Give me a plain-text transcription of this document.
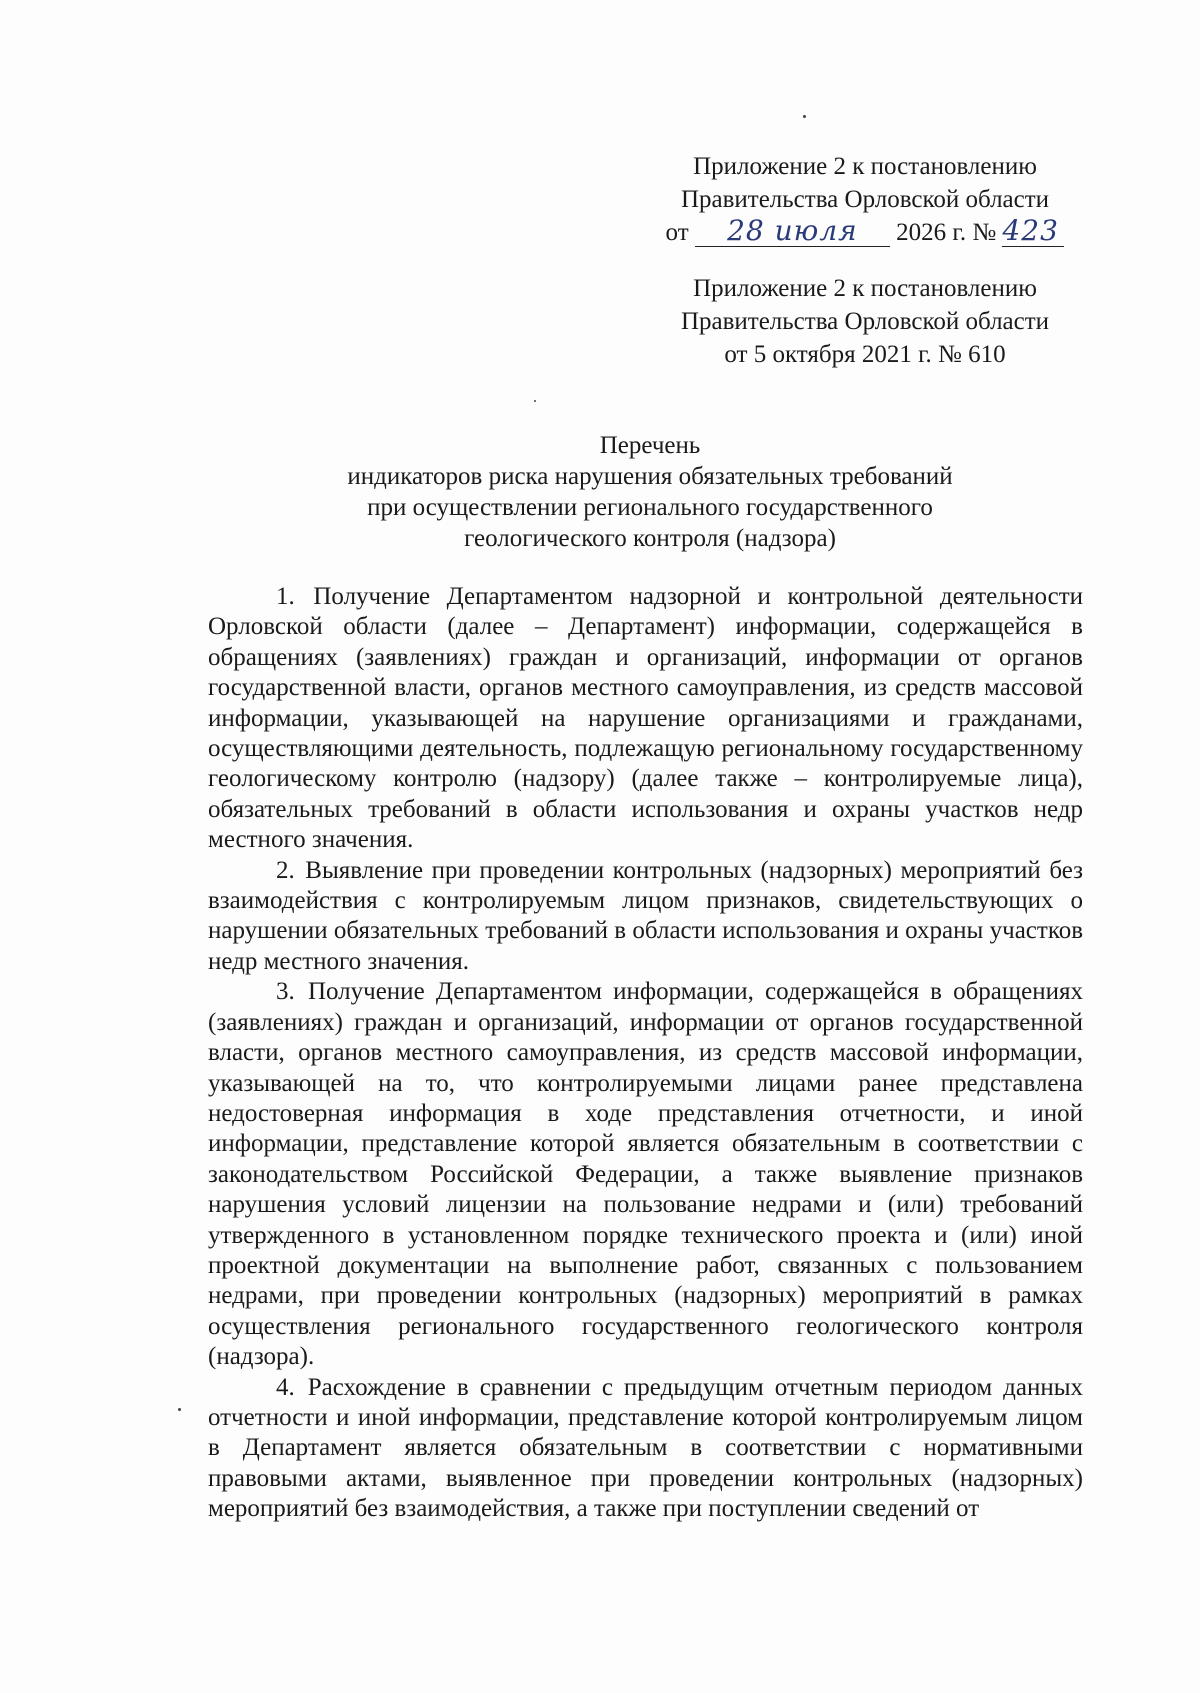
Приложение 2 к постановлению
Правительства Орловской области
от 28 июля 2026 г. № 423
Приложение 2 к постановлению
Правительства Орловской области
от 5 октября 2021 г. № 610
Перечень
индикаторов риска нарушения обязательных требований
при осуществлении регионального государственного
геологического контроля (надзора)

1. Получение Департаментом надзорной и контрольной деятельности Орловской области (далее – Департамент) информации, содержащейся в обращениях (заявлениях) граждан и организаций, информации от органов государственной власти, органов местного самоуправления, из средств массовой информации, указывающей на нарушение организациями и гражданами, осуществляющими деятельность, подлежащую региональному государственному геологическому контролю (надзору) (далее также – контролируемые лица), обязательных требований в области использования и охраны участков недр местного значения.

2. Выявление при проведении контрольных (надзорных) мероприятий без взаимодействия с контролируемым лицом признаков, свидетельствующих о нарушении обязательных требований в области использования и охраны участков недр местного значения.

3. Получение Департаментом информации, содержащейся в обращениях (заявлениях) граждан и организаций, информации от органов государственной власти, органов местного самоуправления, из средств массовой информации, указывающей на то, что контролируемыми лицами ранее представлена недостоверная информация в ходе представления отчетности, и иной информации, представление которой является обязательным в соответствии с законодательством Российской Федерации, а также выявление признаков нарушения условий лицензии на пользование недрами и (или) требований утвержденного в установленном порядке технического проекта и (или) иной проектной документации на выполнение работ, связанных с пользованием недрами, при проведении контрольных (надзорных) мероприятий в рамках осуществления регионального государственного геологического контроля (надзора).

4. Расхождение в сравнении с предыдущим отчетным периодом данных отчетности и иной информации, представление которой контролируемым лицом в Департамент является обязательным в соответствии с нормативными правовыми актами, выявленное при проведении контрольных (надзорных) мероприятий без взаимодействия, а также при поступлении сведений от
